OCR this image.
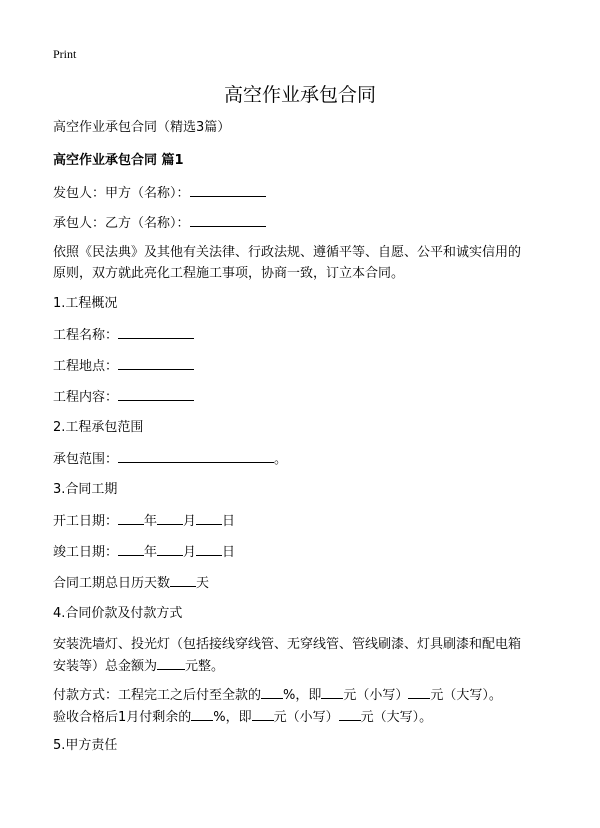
Print
高空作业承包合同
高空作业承包合同（精选3篇）
高空作业承包合同 篇1
发包人：甲方（名称）：
承包人：乙方（名称）：
依照《民法典》及其他有关法律、行政法规、遵循平等、自愿、公平和诚实信用的
原则，双方就此亮化工程施工事项，协商一致，订立本合同。
1.工程概况
工程名称：
工程地点：
工程内容：
2.工程承包范围
承包范围：	。
3.合同工期
开工日期： 年 月 日
竣工日期： 年 月 日
合同工期总日历天数 天
4.合同价款及付款方式
安装洗墙灯、投光灯（包括接线穿线管、无穿线管、管线刷漆、灯具刷漆和配电箱
安装等）总金额为 元整。
付款方式：工程完工之后付至全款的 %，即 元（小写） 元（大写）。
验收合格后1月付剩余的 %，即 元（小写） 元（大写）。
5.甲方责任
